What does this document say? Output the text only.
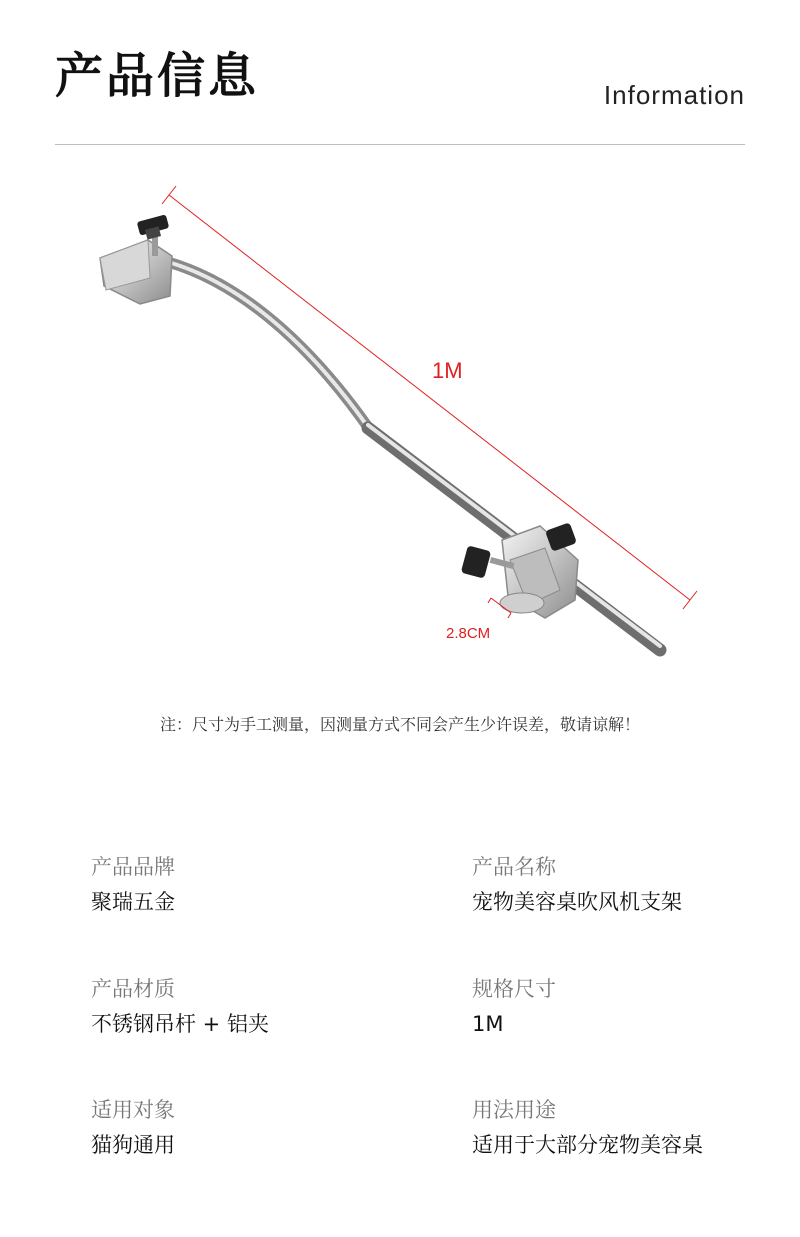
产品信息	Information
1M
2.8CM
注：尺寸为手工测量，因测量方式不同会产生少许误差，敬请谅解！
产品品牌
聚瑞五金
产品名称
宠物美容桌吹风机支架
产品材质
不锈钢吊杆 + 铝夹
规格尺寸
1M
适用对象
猫狗通用
用法用途
适用于大部分宠物美容桌
